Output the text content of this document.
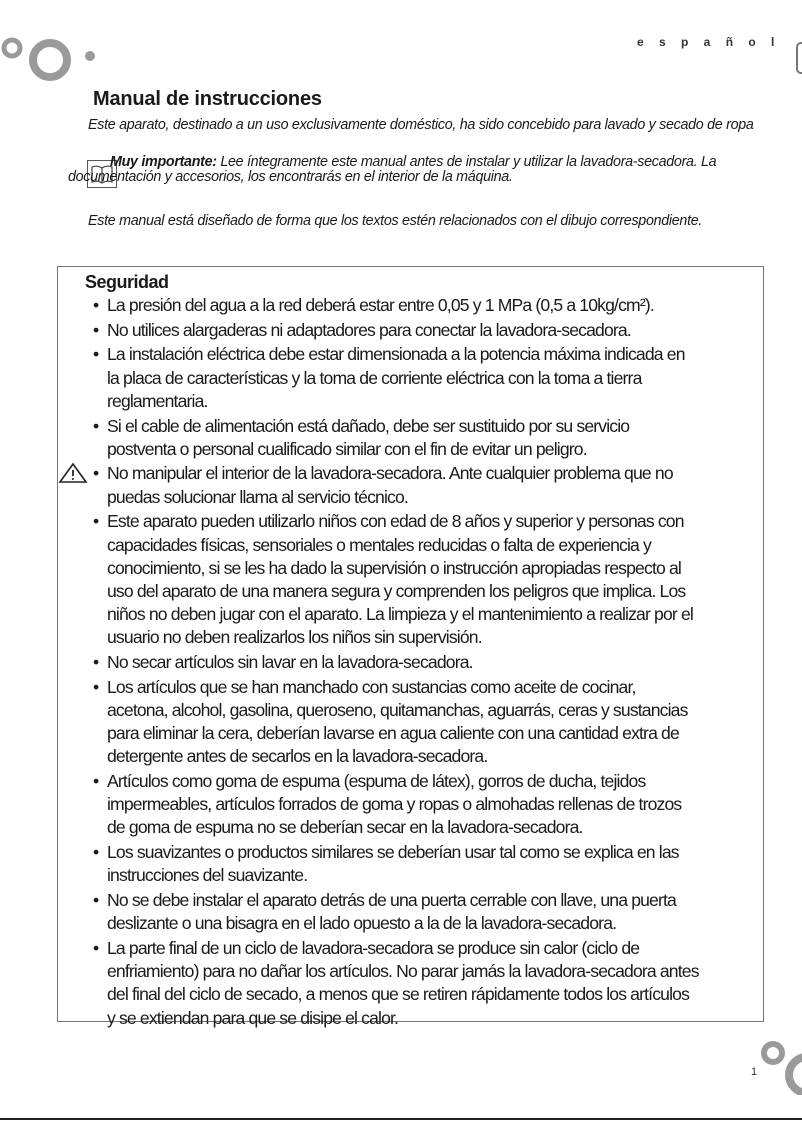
e s p a ñ o l
Manual de instrucciones
Este aparato, destinado a un uso exclusivamente doméstico, ha sido concebido para lavado y secado de ropa
Muy importante: Lee íntegramente este manual antes de instalar y utilizar la lavadora-secadora. La documentación y accesorios, los encontrarás en el interior de la máquina.
Este manual está diseñado de forma que los textos estén relacionados con el dibujo correspondiente.
Seguridad
• La presión del agua a la red deberá estar entre 0,05 y 1 MPa (0,5 a 10kg/cm²).
• No utilices alargaderas ni adaptadores para conectar la lavadora-secadora.
• La instalación eléctrica debe estar dimensionada a la potencia máxima indicada en
la placa de características y la toma de corriente eléctrica con la toma a tierra
reglamentaria.
• Si el cable de alimentación está dañado, debe ser sustituido por su servicio
postventa o personal cualificado similar con el fin de evitar un peligro.
• No manipular el interior de la lavadora-secadora. Ante cualquier problema que no
puedas solucionar llama al servicio técnico.
• Este aparato pueden utilizarlo niños con edad de 8 años y superior y personas con
capacidades físicas, sensoriales o mentales reducidas o falta de experiencia y
conocimiento, si se les ha dado la supervisión o instrucción apropiadas respecto al
uso del aparato de una manera segura y comprenden los peligros que implica. Los
niños no deben jugar con el aparato. La limpieza y el mantenimiento a realizar por el
usuario no deben realizarlos los niños sin supervisión.
• No secar artículos sin lavar en la lavadora-secadora.
• Los artículos que se han manchado con sustancias como aceite de cocinar,
acetona, alcohol, gasolina, queroseno, quitamanchas, aguarrás, ceras y sustancias
para eliminar la cera, deberían lavarse en agua caliente con una cantidad extra de
detergente antes de secarlos en la lavadora-secadora.
• Artículos como goma de espuma (espuma de látex), gorros de ducha, tejidos
impermeables, artículos forrados de goma y ropas o almohadas rellenas de trozos
de goma de espuma no se deberían secar en la lavadora-secadora.
• Los suavizantes o productos similares se deberían usar tal como se explica en las
instrucciones del suavizante.
• No se debe instalar el aparato detrás de una puerta cerrable con llave, una puerta
deslizante o una bisagra en el lado opuesto a la de la lavadora-secadora.
• La parte final de un ciclo de lavadora-secadora se produce sin calor (ciclo de
enfriamiento) para no dañar los artículos. No parar jamás la lavadora-secadora antes
del final del ciclo de secado, a menos que se retiren rápidamente todos los artículos
y se extiendan para que se disipe el calor.
1
